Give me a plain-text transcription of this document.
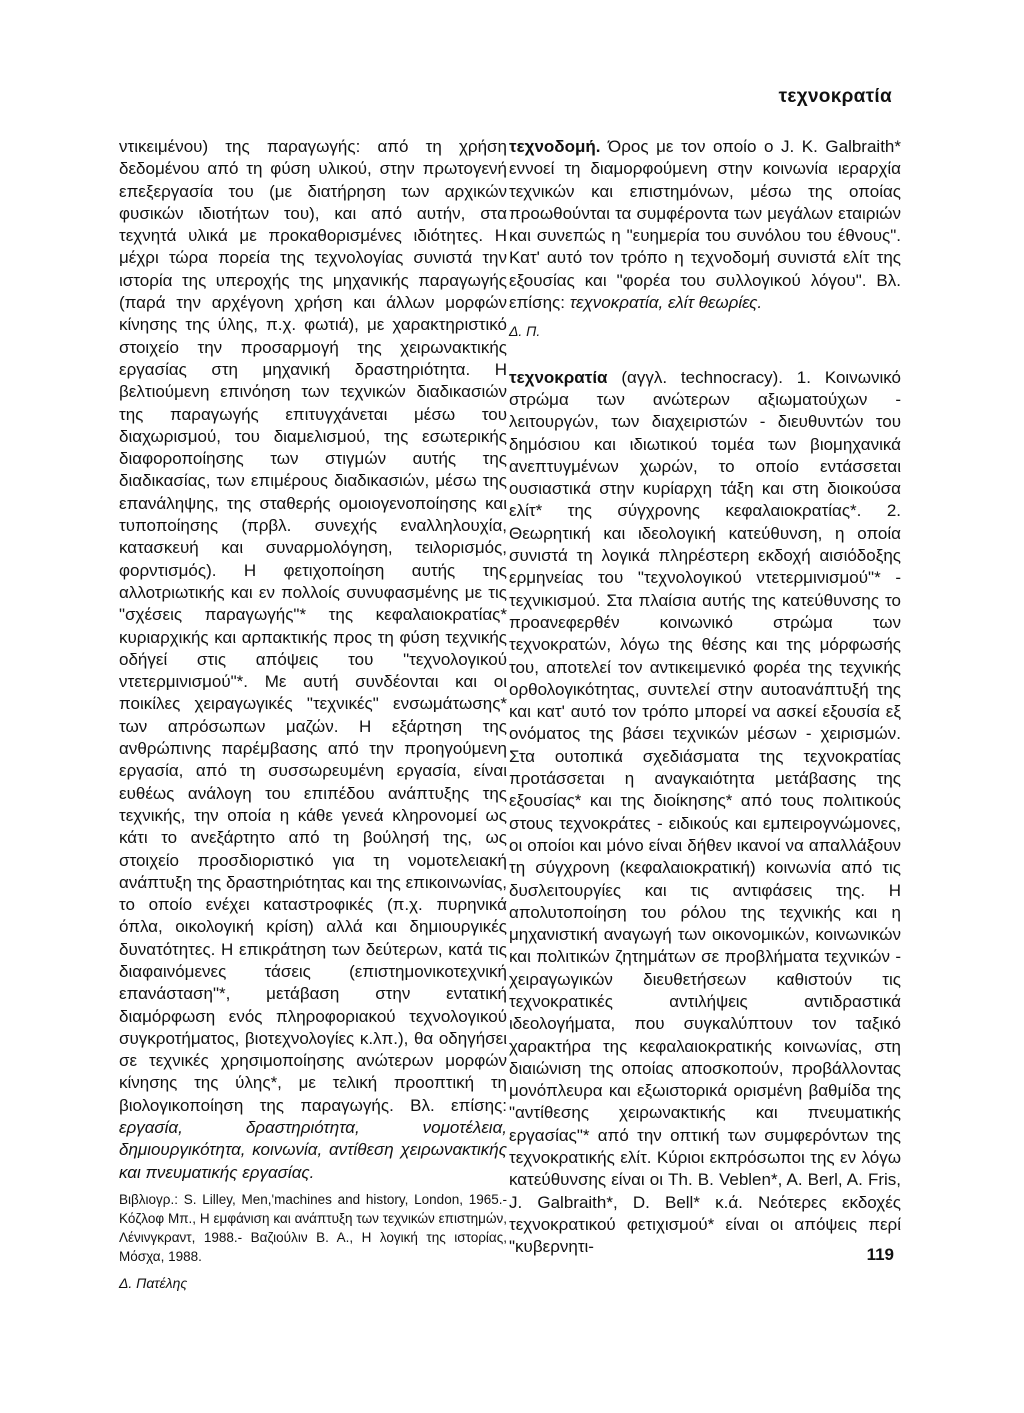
τεχνοκρατία

ντικειμένου) της παραγωγής: από τη χρήση δεδομένου από τη φύση υλικού, στην πρωτογενή επεξεργασία του (με διατήρηση των αρχικών φυσικών ιδιοτήτων του), και από αυτήν, στα τεχνητά υλικά με προκαθορισμένες ιδιότητες. Η μέχρι τώρα πορεία της τεχνολογίας συνιστά την ιστορία της υπεροχής της μηχανικής παραγωγής (παρά την αρχέγονη χρήση και άλλων μορφών κίνησης της ύλης, π.χ. φωτιά), με χαρακτηριστικό στοιχείο την προσαρμογή της χειρωνακτικής εργασίας στη μηχανική δραστηριότητα. Η βελτιούμενη επινόηση των τεχνικών διαδικασιών της παραγωγής επιτυγχάνεται μέσω του διαχωρισμού, του διαμελισμού, της εσωτερικής διαφοροποίησης των στιγμών αυτής της διαδικασίας, των επιμέρους διαδικασιών, μέσω της επανάληψης, της σταθερής ομοιογενοποίησης και τυποποίησης (πρβλ. συνεχής εναλληλουχία, κατασκευή και συναρμολόγηση, τειλορισμός, φορντισμός). Η φετιχοποίηση αυτής της αλλοτριωτικής και εν πολλοίς συνυφασμένης με τις "σχέσεις παραγωγής"* της κεφαλαιοκρατίας* κυριαρχικής και αρπακτικής προς τη φύση τεχνικής οδήγεί στις απόψεις του "τεχνολογικού ντετερμινισμού"*. Με αυτή συνδέονται και οι ποικίλες χειραγωγικές "τεχνικές" ενσωμάτωσης* των απρόσωπων μαζών. Η εξάρτηση της ανθρώπινης παρέμβασης από την προηγούμενη εργασία, από τη συσσωρευμένη εργασία, είναι ευθέως ανάλογη του επιπέδου ανάπτυξης της τεχνικής, την οποία η κάθε γενεά κληρονομεί ως κάτι το ανεξάρτητο από τη βούλησή της, ως στοιχείο προσδιοριστικό για τη νομοτελειακή ανάπτυξη της δραστηριότητας και της επικοινωνίας, το οποίο ενέχει καταστροφικές (π.χ. πυρηνικά όπλα, οικολογική κρίση) αλλά και δημιουργικές δυνατότητες. Η επικράτηση των δεύτερων, κατά τις διαφαινόμενες τάσεις (επιστημονικοτεχνική επανάσταση"*, μετάβαση στην εντατική διαμόρφωση ενός πληροφοριακού τεχνολογικού συγκροτήματος, βιοτεχνολογίες κ.λπ.), θα οδηγήσει σε τεχνικές χρησιμοποίησης ανώτερων μορφών κίνησης της ύλης*, με τελική προοπτική τη βιολογικοποίηση της παραγωγής. Βλ. επίσης: εργασία, δραστηριότητα, νομοτέλεια, δημιουργικότητα, κοινωνία, αντίθεση χειρωνακτικής και πνευματικής εργασίας.

Βιβλιογρ.: S. Lilley, Men,'machines and history, London, 1965.- Κόζλοφ Μπ., Η εμφάνιση και ανάπτυξη των τεχνικών επιστημών, Λένινγκραντ, 1988.- Βαζιούλιν Β. Α., Η λογική της ιστορίας, Μόσχα, 1988.

Δ. Πατέλης

τεχνοδομή. Όρος με τον οποίο ο J. K. Galbraith* εννοεί τη διαμορφούμενη στην κοινωνία ιεραρχία τεχνικών και επιστημόνων, μέσω της οποίας προωθούνται τα συμφέροντα των μεγάλων εταιριών και συνεπώς η "ευημερία του συνόλου του έθνους". Κατ' αυτό τον τρόπο η τεχνοδομή συνιστά ελίτ της εξουσίας και "φορέα του συλλογικού λόγου". Βλ. επίσης: τεχνοκρατία, ελίτ θεωρίες.

Δ. Π.

τεχνοκρατία (αγγλ. technocracy). 1. Κοινωνικό στρώμα των ανώτερων αξιωματούχων - λειτουργών, των διαχειριστών - διευθυντών του δημόσιου και ιδιωτικού τομέα των βιομηχανικά ανεπτυγμένων χωρών, το οποίο εντάσσεται ουσιαστικά στην κυρίαρχη τάξη και στη διοικούσα ελίτ* της σύγχρονης κεφαλαιοκρατίας*. 2. Θεωρητική και ιδεολογική κατεύθυνση, η οποία συνιστά τη λογικά πληρέστερη εκδοχή αισιόδοξης ερμηνείας του "τεχνολογικού ντετερμινισμού"* - τεχνικισμού. Στα πλαίσια αυτής της κατεύθυνσης το προανεφερθέν κοινωνικό στρώμα των τεχνοκρατών, λόγω της θέσης και της μόρφωσής του, αποτελεί τον αντικειμενικό φορέα της τεχνικής ορθολογικότητας, συντελεί στην αυτοανάπτυξή της και κατ' αυτό τον τρόπο μπορεί να ασκεί εξουσία εξ ονόματος της βάσει τεχνικών μέσων - χειρισμών. Στα ουτοπικά σχεδιάσματα της τεχνοκρατίας προτάσσεται η αναγκαιότητα μετάβασης της εξουσίας* και της διοίκησης* από τους πολιτικούς στους τεχνοκράτες - ειδικούς και εμπειρογνώμονες, οι οποίοι και μόνο είναι δήθεν ικανοί να απαλλάξουν τη σύγχρονη (κεφαλαιοκρατική) κοινωνία από τις δυσλειτουργίες και τις αντιφάσεις της. Η απολυτοποίηση του ρόλου της τεχνικής και η μηχανιστική αναγωγή των οικονομικών, κοινωνικών και πολιτικών ζητημάτων σε προβλήματα τεχνικών - χειραγωγικών διευθετήσεων καθιστούν τις τεχνοκρατικές αντιλήψεις αντιδραστικά ιδεολογήματα, που συγκαλύπτουν τον ταξικό χαρακτήρα της κεφαλαιοκρατικής κοινωνίας, στη διαιώνιση της οποίας αποσκοπούν, προβάλλοντας μονόπλευρα και εξωιστορικά ορισμένη βαθμίδα της "αντίθεσης χειρωνακτικής και πνευματικής εργασίας"* από την οπτική των συμφερόντων της τεχνοκρατικής ελίτ. Κύριοι εκπρόσωποι της εν λόγω κατεύθυνσης είναι οι Th. B. Veblen*, A. Berl, A. Fris, J. Galbraith*, D. Bell* κ.ά. Νεότερες εκδοχές τεχνοκρατικού φετιχισμού* είναι οι απόψεις περί "κυβερνητι-	119
